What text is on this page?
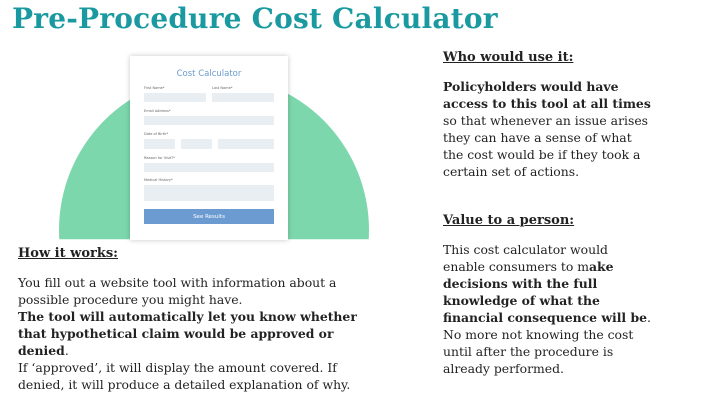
Pre-Procedure Cost Calculator
Cost Calculator
First Name*	Last Name*
Email Address*
Date of Birth*
Reason for Visit?*
Medical History*
See Results
How it works:
You fill out a website tool with information about a
possible procedure you might have.
The tool will automatically let you know whether
that hypothetical claim would be approved or
denied.
If ‘approved’, it will display the amount covered. If
denied, it will produce a detailed explanation of why.
Who would use it:
Policyholders would have
access to this tool at all times
so that whenever an issue arises
they can have a sense of what
the cost would be if they took a
certain set of actions.
Value to a person:
This cost calculator would
enable consumers to make
decisions with the full
knowledge of what the
financial consequence will be.
No more not knowing the cost
until after the procedure is
already performed.
